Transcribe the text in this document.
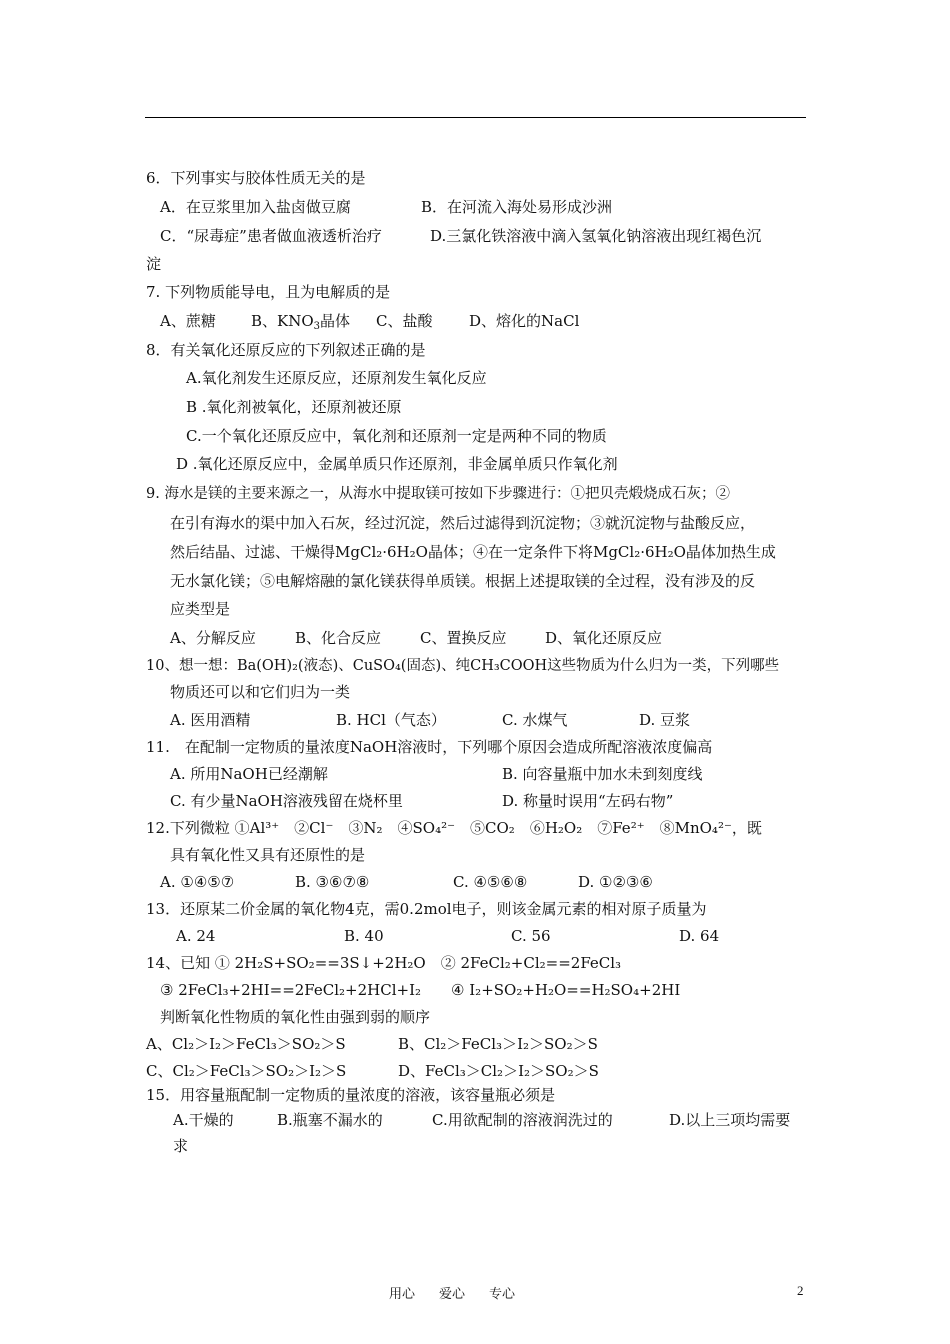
6．下列事实与胶体性质无关的是
A．在豆浆里加入盐卤做豆腐	B．在河流入海处易形成沙洲
C．“尿毒症”患者做血液透析治疗	D.三氯化铁溶液中滴入氢氧化钠溶液出现红褐色沉
淀
7. 下列物质能导电，且为电解质的是
A、蔗糖 B、$KNO_3$晶体 C、盐酸 D、熔化的NaCl
8．有关氧化还原反应的下列叙述正确的是
A.氧化剂发生还原反应，还原剂发生氧化反应
B .氧化剂被氧化，还原剂被还原
C.一个氧化还原反应中，氧化剂和还原剂一定是两种不同的物质
D .氧化还原反应中，金属单质只作还原剂，非金属单质只作氧化剂
9. 海水是镁的主要来源之一，从海水中提取镁可按如下步骤进行：①把贝壳煅烧成石灰；②
在引有海水的渠中加入石灰，经过沉淀，然后过滤得到沉淀物；③就沉淀物与盐酸反应，
然后结晶、过滤、干燥得MgCl₂·6H₂O晶体；④在一定条件下将MgCl₂·6H₂O晶体加热生成
无水氯化镁；⑤电解熔融的氯化镁获得单质镁。根据上述提取镁的全过程，没有涉及的反
应类型是
A、分解反应	B、化合反应	C、置换反应	D、氧化还原反应
10、想一想：Ba(OH)₂(液态)、CuSO₄(固态)、纯CH₃COOH这些物质为什么归为一类，下列哪些
物质还可以和它们归为一类
A. 医用酒精	B. HCl（气态）	C. 水煤气	D. 豆浆
11.　在配制一定物质的量浓度NaOH溶液时，下列哪个原因会造成所配溶液浓度偏高
A. 所用NaOH已经潮解	B. 向容量瓶中加水未到刻度线
C. 有少量NaOH溶液残留在烧杯里	D. 称量时误用“左码右物”
12.下列微粒 ①Al³⁺　②Cl⁻　③N₂　④SO₄²⁻　⑤CO₂　⑥H₂O₂　⑦Fe²⁺　⑧MnO₄²⁻，既
具有氧化性又具有还原性的是
A. ①④⑤⑦	B. ③⑥⑦⑧	C. ④⑤⑥⑧	D. ①②③⑥
13．还原某二价金属的氧化物4克，需0.2mol电子，则该金属元素的相对原子质量为
A. 24	B. 40	C. 56	D. 64
14、已知 ① 2H₂S+SO₂==3S↓+2H₂O　② 2FeCl₂+Cl₂==2FeCl₃
③ 2FeCl₃+2HI==2FeCl₂+2HCl+I₂　　④ I₂+SO₂+H₂O==H₂SO₄+2HI
判断氧化性物质的氧化性由强到弱的顺序
A、Cl₂＞I₂＞FeCl₃＞SO₂＞S	B、Cl₂＞FeCl₃＞I₂＞SO₂＞S
C、Cl₂＞FeCl₃＞SO₂＞I₂＞S	D、FeCl₃＞Cl₂＞I₂＞SO₂＞S
15．用容量瓶配制一定物质的量浓度的溶液，该容量瓶必须是
A.干燥的	B.瓶塞不漏水的	C.用欲配制的溶液润洗过的	D.以上三项均需要
求
用心 爱心 专心	2
